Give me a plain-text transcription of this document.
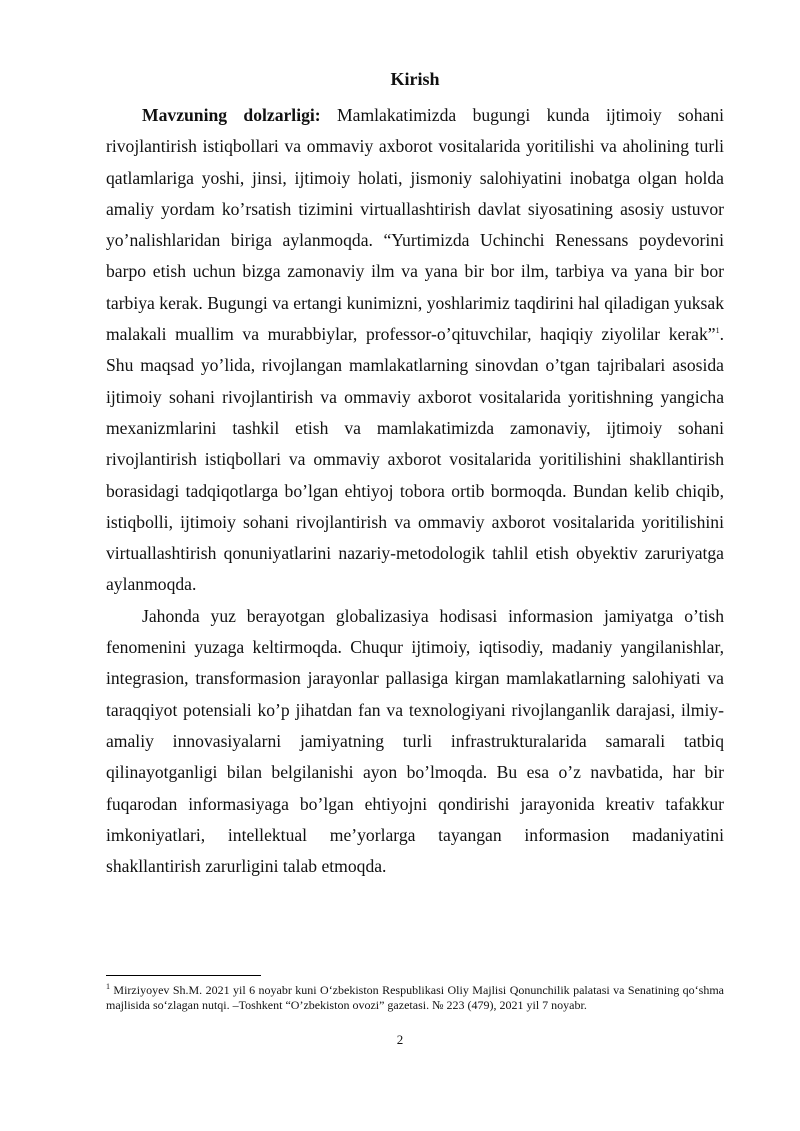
Kirish

Mavzuning dolzarligi: Mamlakatimizda bugungi kunda ijtimoiy sohani rivojlantirish istiqbollari va ommaviy axborot vositalarida yoritilishi va aholining turli qatlamlariga yoshi, jinsi, ijtimoiy holati, jismoniy salohiyatini inobatga olgan holda amaliy yordam ko’rsatish tizimini virtuallashtirish davlat siyosatining asosiy ustuvor yo’nalishlaridan biriga aylanmoqda. “Yurtimizda Uchinchi Renessans poydevorini barpo etish uchun bizga zamonaviy ilm va yana bir bor ilm, tarbiya va yana bir bor tarbiya kerak. Bugungi va ertangi kunimizni, yoshlarimiz taqdirini hal qiladigan yuksak malakali muallim va murabbiylar, professor-o’qituvchilar, haqiqiy ziyolilar kerak”$^1$. Shu maqsad yo’lida, rivojlangan mamlakatlarning sinovdan o’tgan tajribalari asosida ijtimoiy sohani rivojlantirish va ommaviy axborot vositalarida yoritishning yangicha mexanizmlarini tashkil etish va mamlakatimizda zamonaviy, ijtimoiy sohani rivojlantirish istiqbollari va ommaviy axborot vositalarida yoritilishini shakllantirish borasidagi tadqiqotlarga bo’lgan ehtiyoj tobora ortib bormoqda. Bundan kelib chiqib, istiqbolli, ijtimoiy sohani rivojlantirish va ommaviy axborot vositalarida yoritilishini virtuallashtirish qonuniyatlarini nazariy-metodologik tahlil etish obyektiv zaruriyatga aylanmoqda.

Jahonda yuz berayotgan globalizasiya hodisasi informasion jamiyatga o’tish fenomenini yuzaga keltirmoqda. Chuqur ijtimoiy, iqtisodiy, madaniy yangilanishlar, integrasion, transformasion jarayonlar pallasiga kirgan mamlakatlarning salohiyati va taraqqiyot potensiali ko’p jihatdan fan va texnologiyani rivojlanganlik darajasi, ilmiy-amaliy innovasiyalarni jamiyatning turli infrastrukturalarida samarali tatbiq qilinayotganligi bilan belgilanishi ayon bo’lmoqda. Bu esa o’z navbatida, har bir fuqarodan informasiyaga bo’lgan ehtiyojni qondirishi jarayonida kreativ tafakkur imkoniyatlari, intellektual me’yorlarga tayangan informasion madaniyatini shakllantirish zarurligini talab etmoqda.

$^1$ Mirziyoyev Sh.M. 2021 yil 6 noyabr kuni O‘zbekiston Respublikasi Oliy Majlisi Qonunchilik palatasi va Senatining qo‘shma majlisida so‘zlagan nutqi. –Toshkent “O’zbekiston ovozi” gazetasi. № 223 (479), 2021 yil 7 noyabr.

2
